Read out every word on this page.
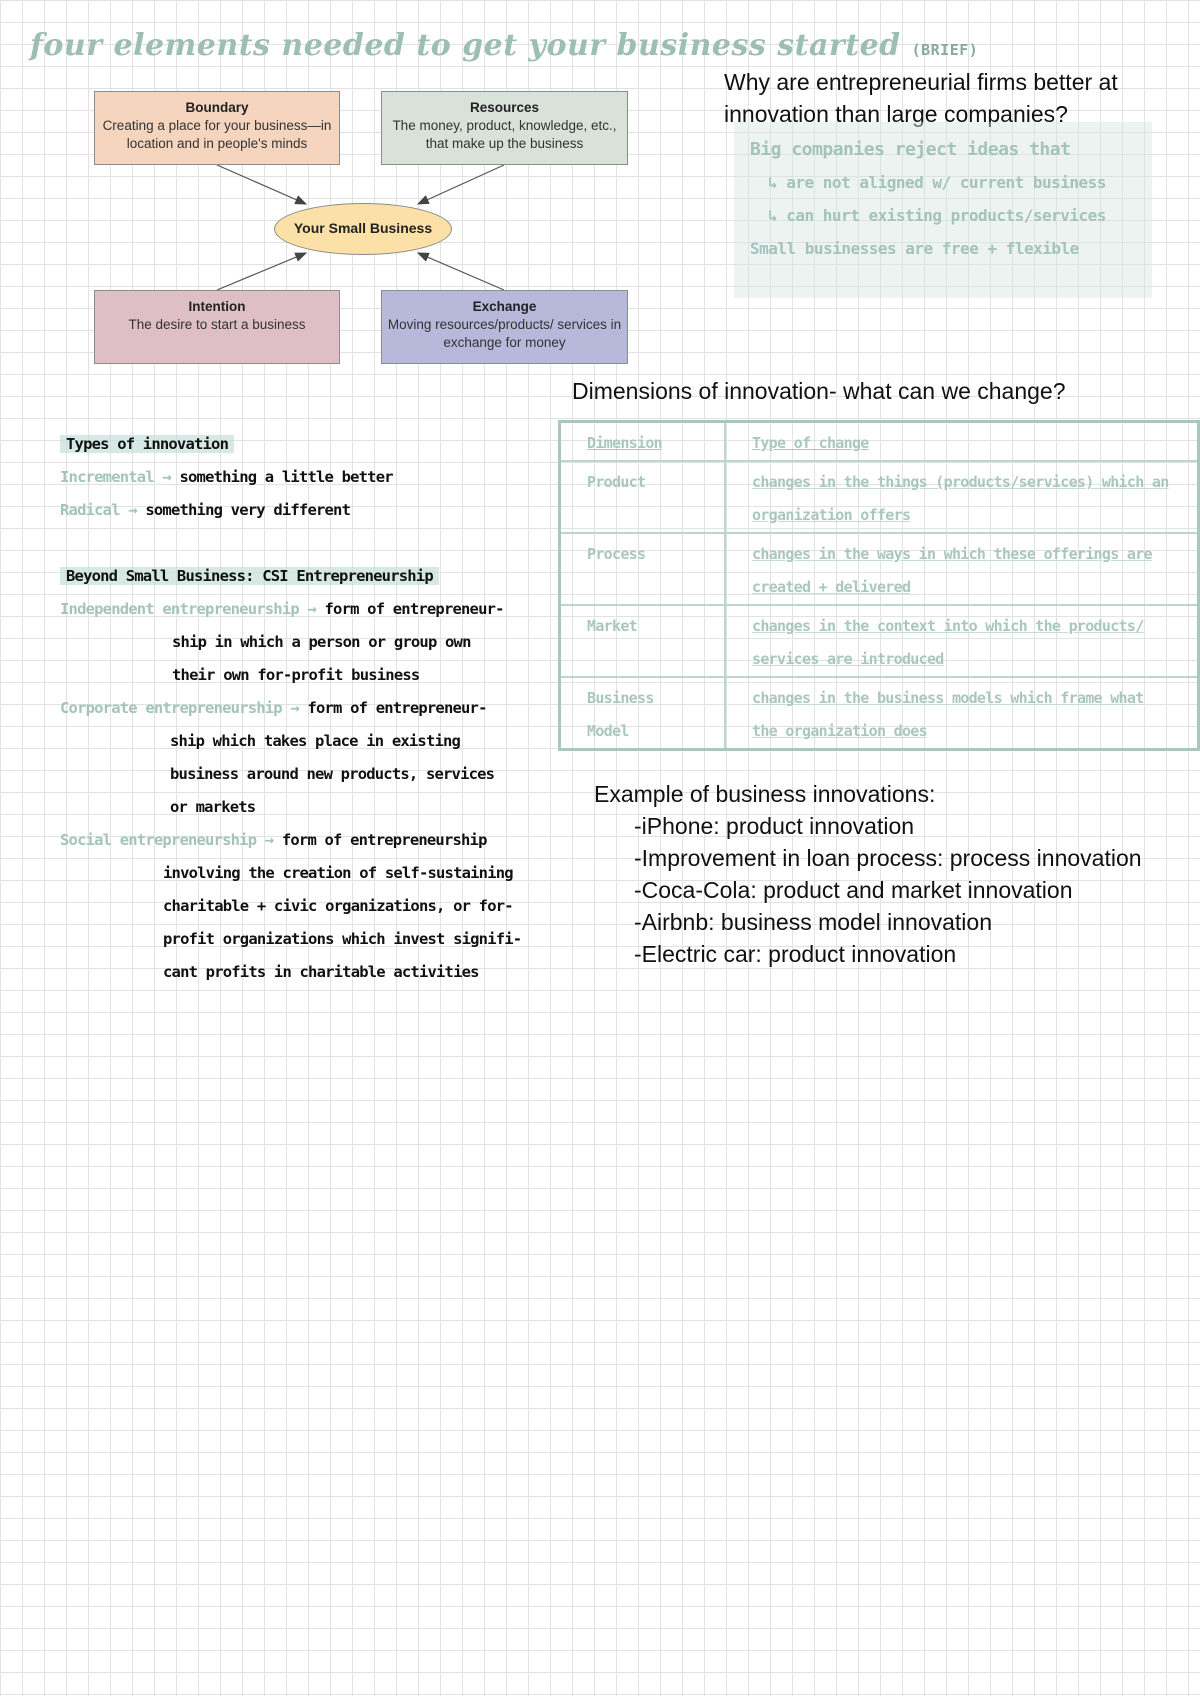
four elements needed to get your business started (BRIEF)
Boundary
Creating a place for your business—in location and in people's minds
Resources
The money, product, knowledge, etc., that make up the business
Your Small Business
Intention
The desire to start a business
Exchange
Moving resources/products/ services in exchange for money
Why are entrepreneurial firms better at innovation than large companies?
Big companies reject ideas that
↳ are not aligned w/ current business
↳ can hurt existing products/services
Small businesses are free + flexible
Types of innovation
Incremental → something a little better
Radical → something very different
Beyond Small Business: CSI Entrepreneurship
Independent entrepreneurship → form of entrepreneur-
ship in which a person or group own
their own for-profit business
Corporate entrepreneurship → form of entrepreneur-
ship which takes place in existing
business around new products, services
or markets
Social entrepreneurship → form of entrepreneurship
involving the creation of self-sustaining
charitable + civic organizations, or for-
profit organizations which invest signifi-
cant profits in charitable activities
Dimensions of innovation- what can we change?
Dimension	Type of change
Product	changes in the things (products/services) which an organization offers
Process	changes in the ways in which these offerings are created + delivered
Market	changes in the context into which the products/ services are introduced
Business Model	changes in the business models which frame what the organization does
Example of business innovations:
-iPhone: product innovation
-Improvement in loan process: process innovation
-Coca-Cola: product and market innovation
-Airbnb: business model innovation
-Electric car: product innovation
